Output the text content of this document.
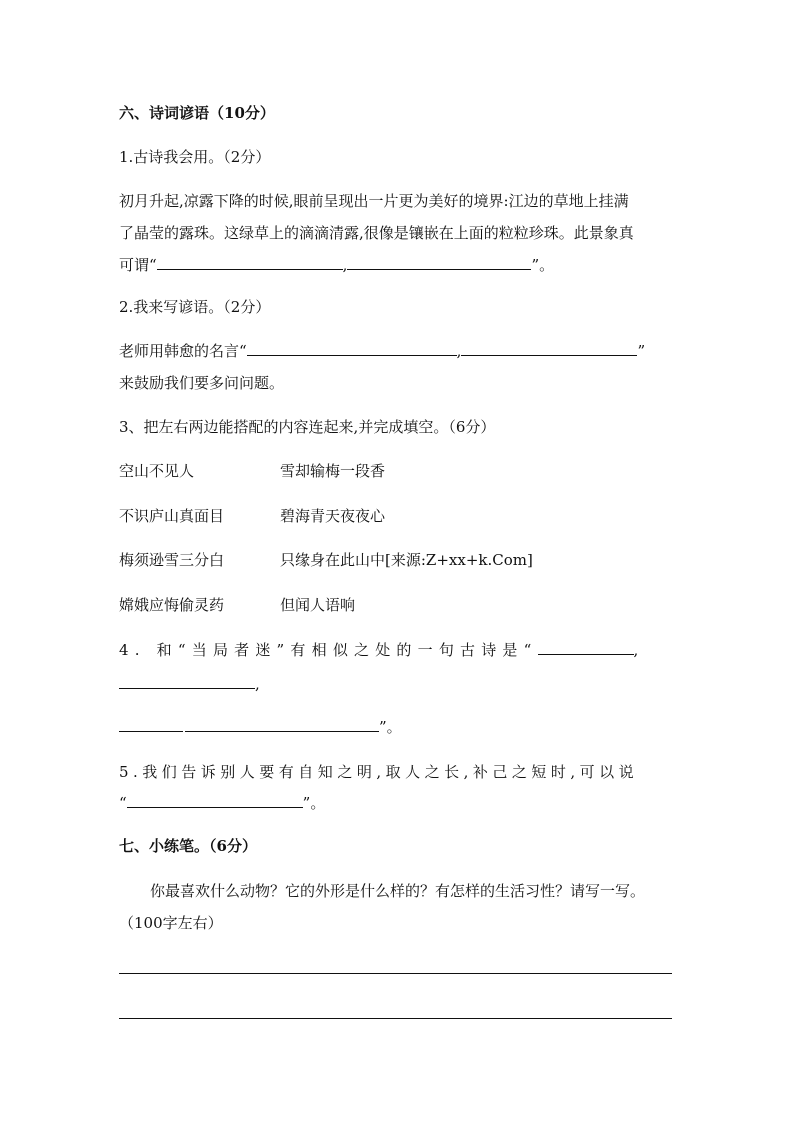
六、诗词谚语（10分）
1.古诗我会用。（2分）
初月升起,凉露下降的时候,眼前呈现出一片更为美好的境界:江边的草地上挂满
了晶莹的露珠。这绿草上的滴滴清露,很像是镶嵌在上面的粒粒珍珠。此景象真
可谓“	,	”。
2.我来写谚语。（2分）
老师用韩愈的名言“	,	”
来鼓励我们要多问问题。
3、把左右两边能搭配的内容连起来,并完成填空。（6分）
空山不见人	雪却输梅一段香
不识庐山真面目	碧海青天夜夜心
梅须逊雪三分白	只缘身在此山中[来源:Z+xx+k.Com]
嫦娥应悔偷灵药	但闻人语响
4. 和“当局者迷”有相似之处的一句古诗是“	,
,
”。
5.我们告诉别人要有自知之明,取人之长,补己之短时,可以说
“	”。
七、小练笔。（6分）
你最喜欢什么动物？它的外形是什么样的？有怎样的生活习性？请写一写。
（100字左右）
